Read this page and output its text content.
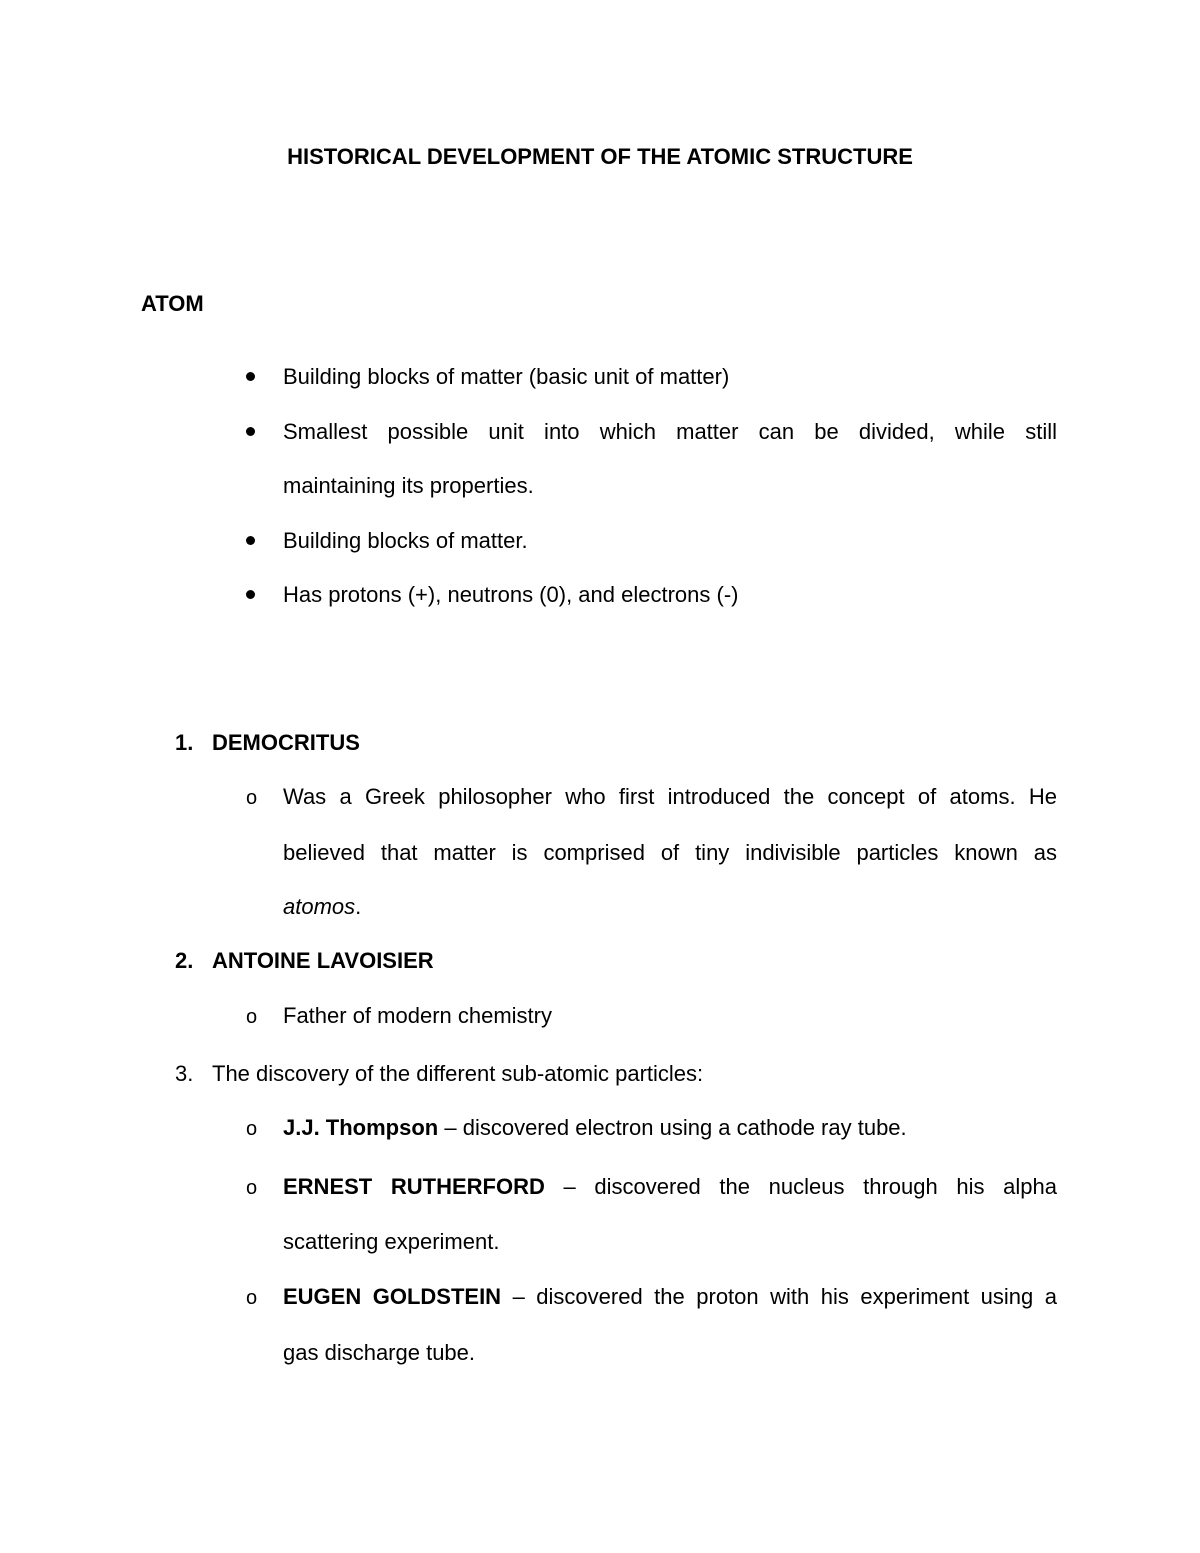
HISTORICAL DEVELOPMENT OF THE ATOMIC STRUCTURE
ATOM
Building blocks of matter (basic unit of matter)
Smallest possible unit into which matter can be divided, while still
maintaining its properties.
Building blocks of matter.
Has protons (+), neutrons (0), and electrons (-)
1. DEMOCRITUS
o Was a Greek philosopher who first introduced the concept of atoms. He
believed that matter is comprised of tiny indivisible particles known as
atomos.
2. ANTOINE LAVOISIER
o Father of modern chemistry
3. The discovery of the different sub-atomic particles:
o J.J. Thompson – discovered electron using a cathode ray tube.
o ERNEST RUTHERFORD – discovered the nucleus through his alpha
scattering experiment.
o EUGEN GOLDSTEIN – discovered the proton with his experiment using a
gas discharge tube.
